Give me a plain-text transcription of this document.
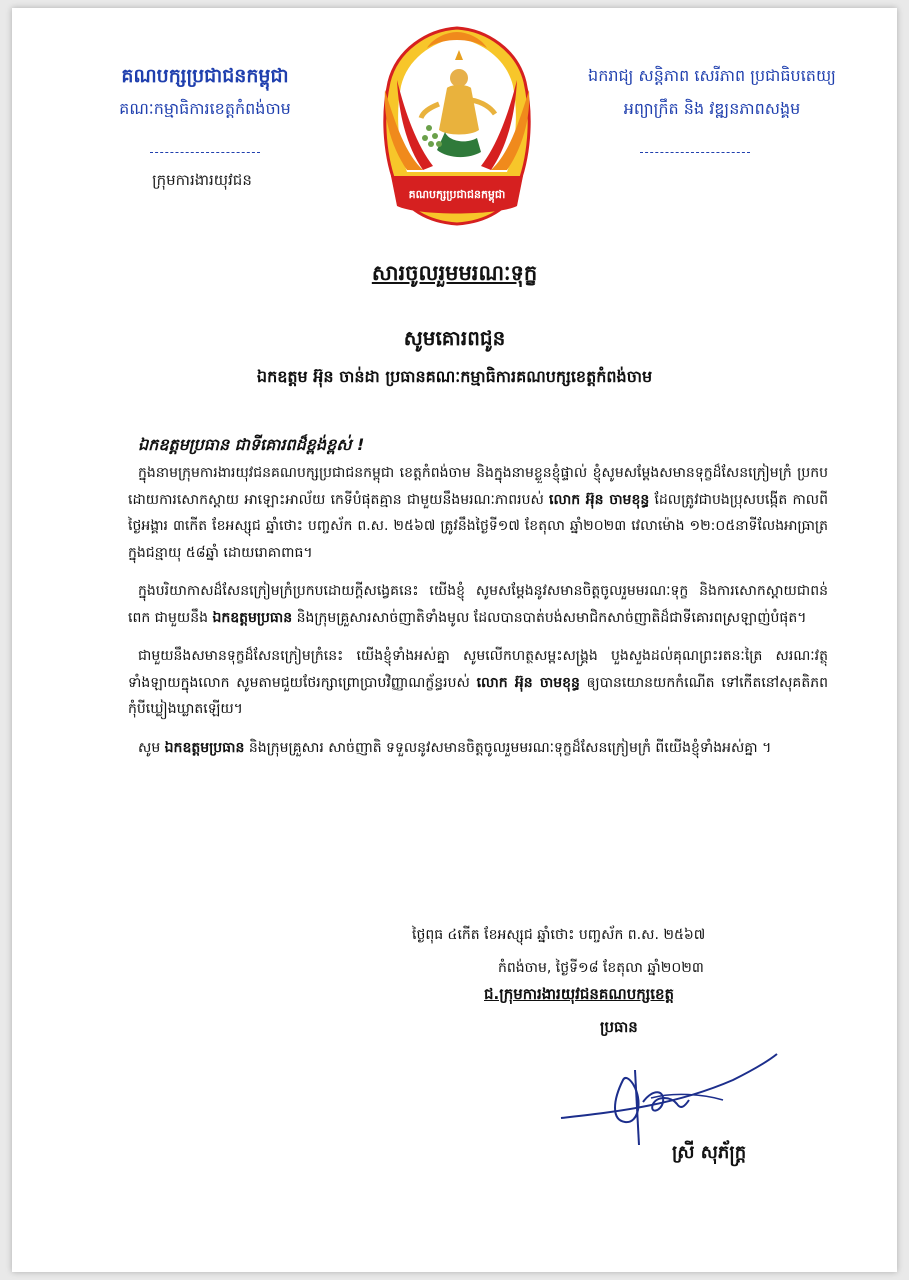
គណបក្សប្រជាជនកម្ពុជា
គណៈកម្មាធិការខេត្តកំពង់ចាម
ក្រុមការងារយុវជន
ឯករាជ្យ សន្តិភាព សេរីភាព ប្រជាធិបតេយ្យ
អព្យាក្រឹត និង វឌ្ឍនភាពសង្គម
គណបក្សប្រជាជនកម្ពុជា
សារចូលរួមមរណៈទុក្ខ
សូមគោរពជូន
ឯកឧត្តម អ៊ុន ចាន់ដា ប្រធានគណៈកម្មាធិការគណបក្សខេត្តកំពង់ចាម
ឯកឧត្តមប្រធាន ជាទីគោរពដ៏ខ្ពង់ខ្ពស់ !

ក្នុងនាមក្រុមការងារយុវជនគណបក្សប្រជាជនកម្ពុជា ខេត្តកំពង់ចាម និងក្នុងនាមខ្លួនខ្ញុំផ្ទាល់ ខ្ញុំសូមសម្តែងសមានទុក្ខដ៏សែនក្រៀមក្រំ ប្រកបដោយការសោកស្តាយ អាឡោះអាល័យ កេទីបំផុតគ្មាន ជាមួយនឹងមរណៈភាពរបស់ លោក អ៊ុន ចាមខុន្ធ ដែលត្រូវជាបងប្រុសបង្កើត កាលពីថ្ងៃអង្គារ ៣កើត ខែអស្សុជ ឆ្នាំថោះ បញ្ចស័ក ព.ស. ២៥៦៧ ត្រូវនឹងថ្ងៃទី១៧ ខែតុលា ឆ្នាំ២០២៣ វេលាម៉ោង ១២:០៥នាទីលែងអាធ្រាត្រ ក្នុងជន្មាយុ ៥៨ឆ្នាំ ដោយរោគាពាធ។

ក្នុងបរិយាកាសដ៏សែនក្រៀមក្រំប្រកបដោយក្តីសង្វេគនេះ យើងខ្ញុំ សូមសម្តែងនូវសមានចិត្តចូលរួមមរណៈទុក្ខ និងការសោកស្តាយជាពន់ពេក ជាមួយនឹង ឯកឧត្តមប្រធាន និងក្រុមគ្រួសារសាច់ញាតិទាំងមូល ដែលបានបាត់បង់សមាជិកសាច់ញាតិដ៏ជាទីគោរពស្រឡាញ់បំផុត។

ជាមួយនឹងសមានទុក្ខដ៏សែនក្រៀមក្រំនេះ យើងខ្ញុំទាំងអស់គ្នា សូមលើកហត្ថសម្ពះសង្រ្គង បួងសួងដល់គុណព្រះរតនៈត្រៃ សរណៈវត្ថុទាំងឡាយក្នុងលោក សូមតាមជួយថែរក្សាព្រោប្រាបវិញ្ញាណក្ខ័ន្ធរបស់ លោក អ៊ុន ចាមខុន្ធ ឲ្យបានយោនយកកំណើត ទៅកើតនៅសុគតិភពកុំបីឃ្លៀងឃ្លាតឡើយ។

សូម ឯកឧត្តមប្រធាន និងក្រុមគ្រួសារ សាច់ញាតិ ទទួលនូវសមានចិត្តចូលរួមមរណៈទុក្ខដ៏សែនក្រៀមក្រំ ពីយើងខ្ញុំទាំងអស់គ្នា ។

ថ្ងៃពុធ ៤កើត ខែអស្សុជ ឆ្នាំថោះ បញ្ចស័ក ព.ស. ២៥៦៧
កំពង់ចាម, ថ្ងៃទី១៨ ខែតុលា ឆ្នាំ២០២៣
ជ.ក្រុមការងារយុវជនគណបក្សខេត្ត
ប្រធាន
ស្រី សុភ័ក្ត្រ
